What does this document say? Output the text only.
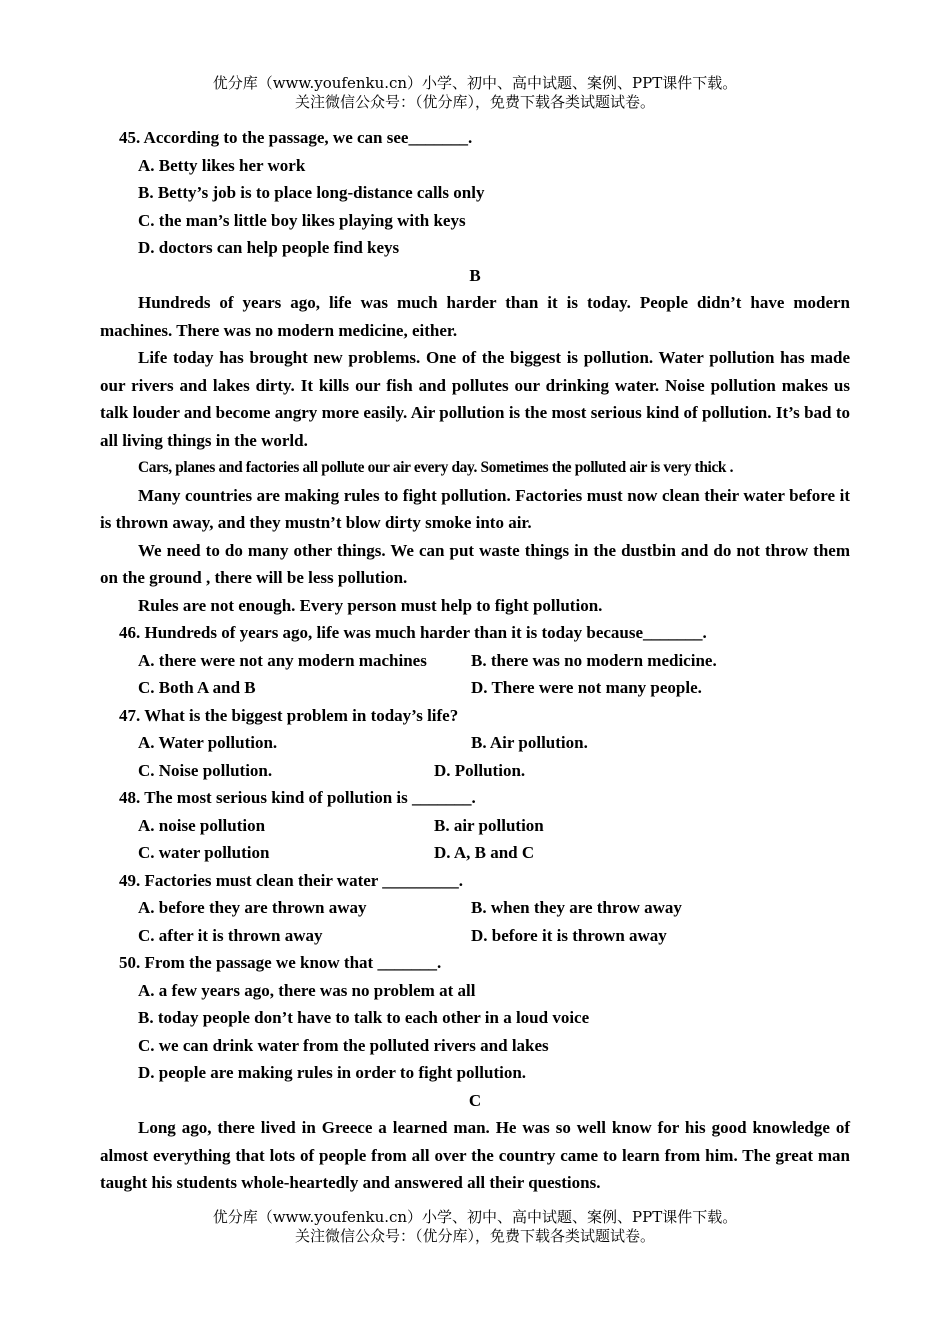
优分库（www.youfenku.cn）小学、初中、高中试题、案例、PPT课件下载。
关注微信公众号：（优分库），免费下载各类试题试卷。
45. According to the passage, we can see_______.
A. Betty likes her work
B. Betty’s job is to place long-distance calls only
C. the man’s little boy likes playing with keys
D. doctors can help people find keys
B
Hundreds of years ago, life was much harder than it is today. People didn’t have modern machines. There was no modern medicine, either.
Life today has brought new problems. One of the biggest is pollution. Water pollution has made our rivers and lakes dirty. It kills our fish and pollutes our drinking water. Noise pollution makes us talk louder and become angry more easily. Air pollution is the most serious kind of pollution. It’s bad to all living things in the world.
Cars, planes and factories all pollute our air every day. Sometimes the polluted air is very thick .
Many countries are making rules to fight pollution. Factories must now clean their water before it is thrown away, and they mustn’t blow dirty smoke into air.
We need to do many other things. We can put waste things in the dustbin and do not throw them on the ground , there will be less pollution.
Rules are not enough. Every person must help to fight pollution.
46. Hundreds of years ago, life was much harder than it is today because_______.
A. there were not any modern machines	B. there was no modern medicine.
C. Both A and B	D. There were not many people.
47. What is the biggest problem in today’s life?
A. Water pollution.	B. Air pollution.
C. Noise pollution.	D. Pollution.
48. The most serious kind of pollution is _______.
A. noise pollution	B. air pollution
C. water pollution	D. A, B and C
49. Factories must clean their water _________.
A. before they are thrown away	B. when they are throw away
C. after it is thrown away	D. before it is thrown away
50. From the passage we know that _______.
A. a few years ago, there was no problem at all
B. today people don’t have to talk to each other in a loud voice
C. we can drink water from the polluted rivers and lakes
D. people are making rules in order to fight pollution.
C
Long ago, there lived in Greece a learned man. He was so well know for his good knowledge of almost everything that lots of people from all over the country came to learn from him. The great man taught his students whole-heartedly and answered all their questions.
优分库（www.youfenku.cn）小学、初中、高中试题、案例、PPT课件下载。
关注微信公众号：（优分库），免费下载各类试题试卷。
